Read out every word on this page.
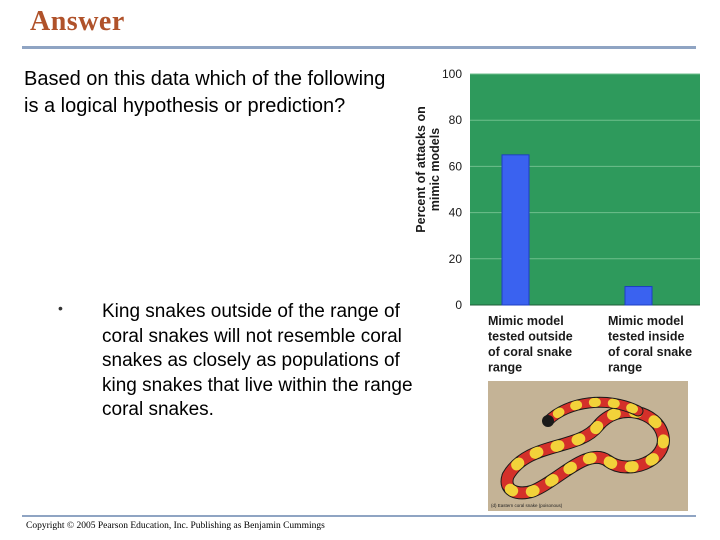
Answer
Based on this data which of the following is a logical hypothesis or prediction?
• King snakes outside of the range of coral snakes will not resemble coral snakes as closely as populations of king snakes that live within the range coral snakes.
Percent of attacks on mimic models
0
20
40
60
80
100
Mimic model
tested outside
of coral snake
range
Mimic model
tested inside
of coral snake
range
(d) Eastern coral snake (poisonous)
Copyright © 2005 Pearson Education, Inc. Publishing as Benjamin Cummings
